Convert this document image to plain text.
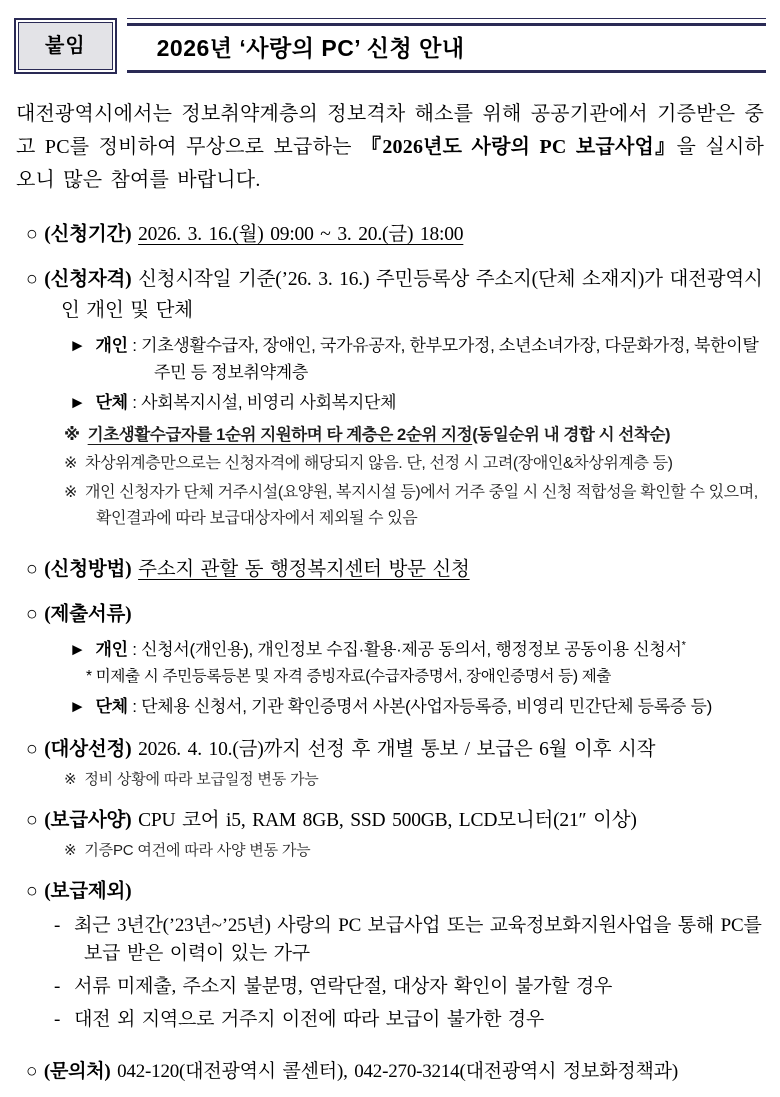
붙임	2026년 ‘사랑의 PC’ 신청 안내

대전광역시에서는 정보취약계층의 정보격차 해소를 위해 공공기관에서 기증받은 중고 PC를 정비하여 무상으로 보급하는 『2026년도 사랑의 PC 보급사업』을 실시하오니 많은 참여를 바랍니다.

○ (신청기간) 2026. 3. 16.(월) 09:00 ~ 3. 20.(금) 18:00
○ (신청자격) 신청시작일 기준(’26. 3. 16.) 주민등록상 주소지(단체 소재지)가 대전광역시인 개인 및 단체
► 개인 : 기초생활수급자, 장애인, 국가유공자, 한부모가정, 소년소녀가장, 다문화가정, 북한이탈주민 등 정보취약계층
► 단체 : 사회복지시설, 비영리 사회복지단체
※ 기초생활수급자를 1순위 지원하며 타 계층은 2순위 지정(동일순위 내 경합 시 선착순)
※ 차상위계층만으로는 신청자격에 해당되지 않음. 단, 선정 시 고려(장애인&차상위계층 등)
※ 개인 신청자가 단체 거주시설(요양원, 복지시설 등)에서 거주 중일 시 신청 적합성을 확인할 수 있으며, 확인결과에 따라 보급대상자에서 제외될 수 있음
○ (신청방법) 주소지 관할 동 행정복지센터 방문 신청
○ (제출서류)
► 개인 : 신청서(개인용), 개인정보 수집·활용·제공 동의서, 행정정보 공동이용 신청서*
* 미제출 시 주민등록등본 및 자격 증빙자료(수급자증명서, 장애인증명서 등) 제출
► 단체 : 단체용 신청서, 기관 확인증명서 사본(사업자등록증, 비영리 민간단체 등록증 등)
○ (대상선정) 2026. 4. 10.(금)까지 선정 후 개별 통보 / 보급은 6월 이후 시작
※ 정비 상황에 따라 보급일정 변동 가능
○ (보급사양) CPU 코어 i5, RAM 8GB, SSD 500GB, LCD모니터(21″ 이상)
※ 기증PC 여건에 따라 사양 변동 가능
○ (보급제외)
- 최근 3년간(’23년~’25년) 사랑의 PC 보급사업 또는 교육정보화지원사업을 통해 PC를 보급 받은 이력이 있는 가구
- 서류 미제출, 주소지 불분명, 연락단절, 대상자 확인이 불가할 경우
- 대전 외 지역으로 거주지 이전에 따라 보급이 불가한 경우
○ (문의처) 042-120(대전광역시 콜센터), 042-270-3214(대전광역시 정보화정책과)
